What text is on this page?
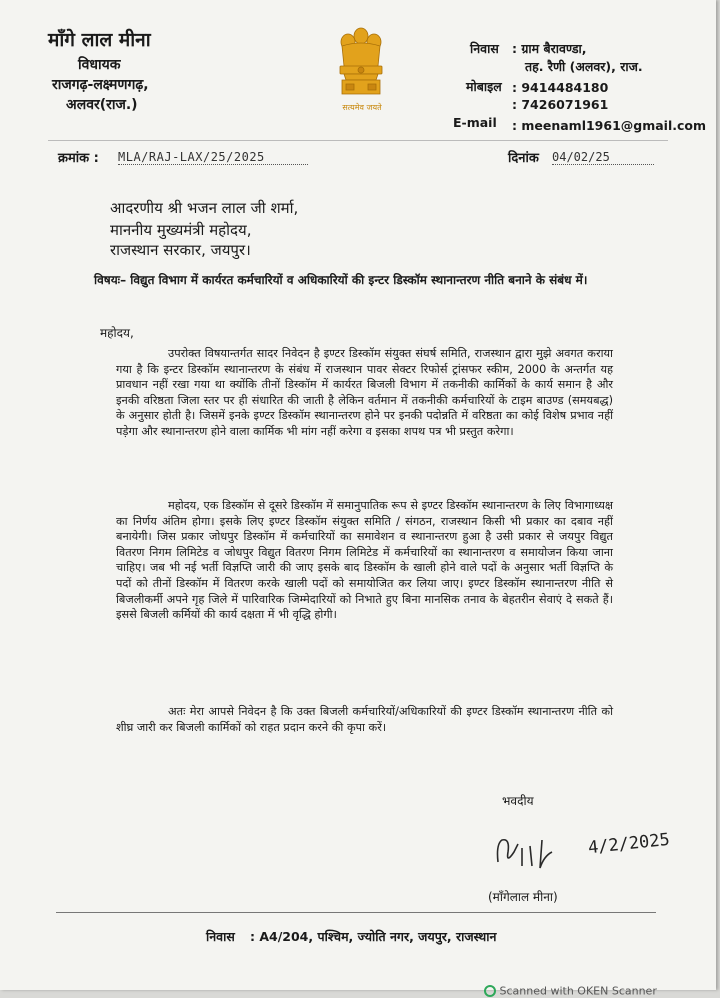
माँगे लाल मीना
विधायक
राजगढ़-लक्ष्मणगढ़,
अलवर(राज.)	सत्यमेव जयते
निवास : ग्राम बैरावण्डा,
तह. रैणी (अलवर), राज.
मोबाइल : 9414484180
: 7426071961
E-mail : meenaml1961@gmail.com
क्रमांक : MLA/RAJ-LAX/25/2025	दिनांक 04/02/25
आदरणीय श्री भजन लाल जी शर्मा,
माननीय मुख्यमंत्री महोदय,
राजस्थान सरकार, जयपुर।
विषयः– विद्युत विभाग में कार्यरत कर्मचारियों व अधिकारियों की इन्टर डिस्कॉम स्थानान्तरण नीति बनाने के संबंध में।
महोदय,
उपरोक्त विषयान्तर्गत सादर निवेदन है इण्टर डिस्कॉम संयुक्त संघर्ष समिति, राजस्थान द्वारा मुझे अवगत कराया गया है कि इन्टर डिस्कॉम स्थानान्तरण के संबंध में राजस्थान पावर सेक्टर रिफोर्स ट्रांसफर स्कीम, 2000 के अन्तर्गत यह प्रावधान नहीं रखा गया था क्योंकि तीनों डिस्कॉम में कार्यरत बिजली विभाग में तकनीकी कार्मिकों के कार्य समान है और इनकी वरिष्ठता जिला स्तर पर ही संधारित की जाती है लेकिन वर्तमान में तकनीकी कर्मचारियों के टाइम बाउण्ड (समयबद्ध) के अनुसार होती है। जिसमें इनके इण्टर डिस्कॉम स्थानान्तरण होने पर इनकी पदोन्नति में वरिष्ठता का कोई विशेष प्रभाव नहीं पड़ेगा और स्थानान्तरण होने वाला कार्मिक भी मांग नहीं करेगा व इसका शपथ पत्र भी प्रस्तुत करेगा।
महोदय, एक डिस्कॉम से दूसरे डिस्कॉम में समानुपातिक रूप से इण्टर डिस्कॉम स्थानान्तरण के लिए विभागाध्यक्ष का निर्णय अंतिम होगा। इसके लिए इण्टर डिस्कॉम संयुक्त समिति / संगठन, राजस्थान किसी भी प्रकार का दबाव नहीं बनायेगी। जिस प्रकार जोधपुर डिस्कॉम में कर्मचारियों का समावेशन व स्थानान्तरण हुआ है उसी प्रकार से जयपुर विद्युत वितरण निगम लिमिटेड व जोधपुर विद्युत वितरण निगम लिमिटेड में कर्मचारियों का स्थानान्तरण व समायोजन किया जाना चाहिए। जब भी नई भर्ती विज्ञप्ति जारी की जाए इसके बाद डिस्कॉम के खाली होने वाले पदों के अनुसार भर्ती विज्ञप्ति के पदों को तीनों डिस्कॉम में वितरण करके खाली पदों को समायोजित कर लिया जाए। इण्टर डिस्कॉम स्थानान्तरण नीति से बिजलीकर्मी अपने गृह जिले में पारिवारिक जिम्मेदारियों को निभाते हुए बिना मानसिक तनाव के बेहतरीन सेवाएं दे सकते हैं। इससे बिजली कर्मियों की कार्य दक्षता में भी वृद्धि होगी।
अतः मेरा आपसे निवेदन है कि उक्त बिजली कर्मचारियों/अधिकारियों की इण्टर डिस्कॉम स्थानान्तरण नीति को शीघ्र जारी कर बिजली कार्मिकों को राहत प्रदान करने की कृपा करें।
भवदीय
4/2/2025
(माँगेलाल मीना)
निवास : A4/204, पश्चिम, ज्योति नगर, जयपुर, राजस्थान
Scanned with OKEN Scanner
